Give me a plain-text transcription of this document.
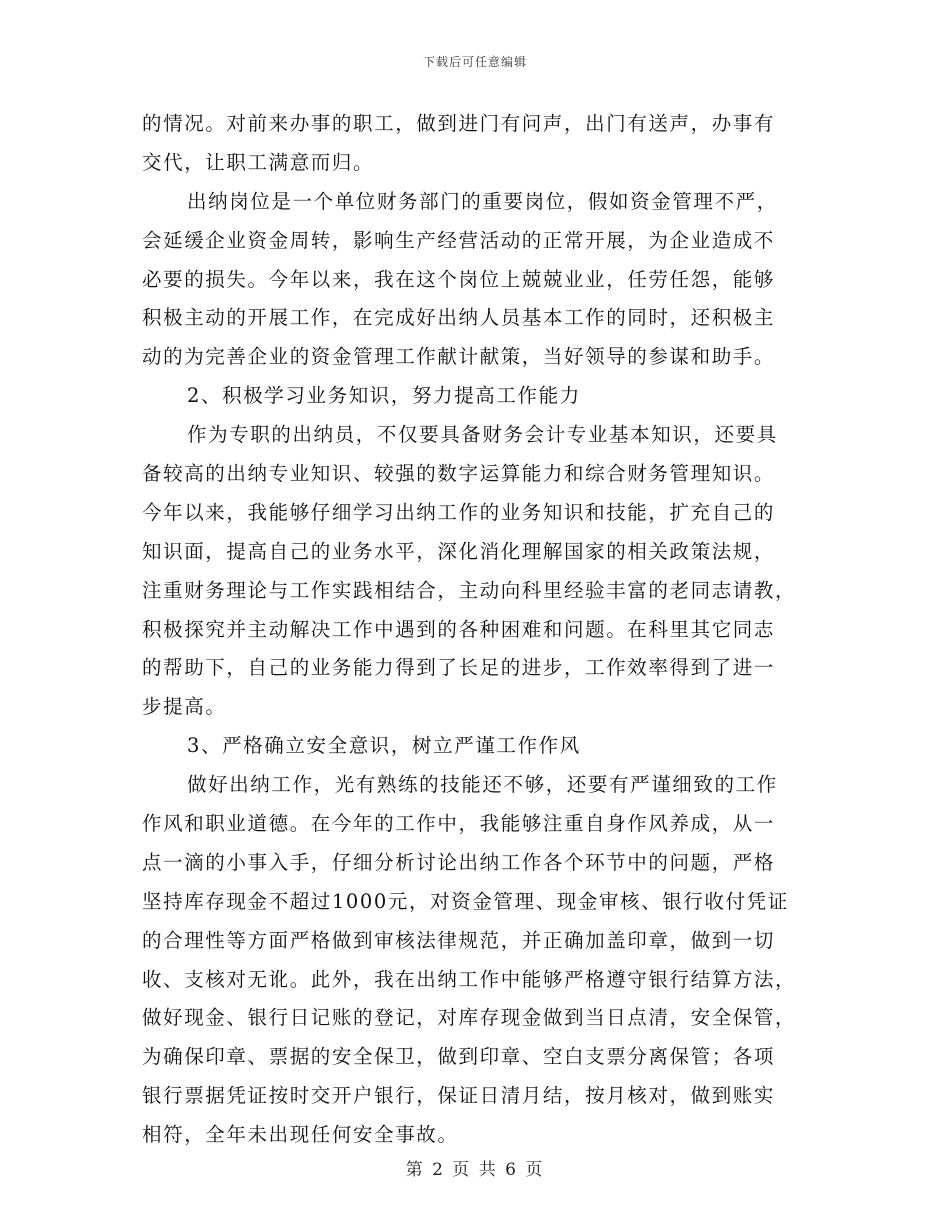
下载后可任意编辑
的情况。对前来办事的职工，做到进门有问声，出门有送声，办事有
交代，让职工满意而归。
出纳岗位是一个单位财务部门的重要岗位，假如资金管理不严，
会延缓企业资金周转，影响生产经营活动的正常开展，为企业造成不
必要的损失。今年以来，我在这个岗位上兢兢业业，任劳任怨，能够
积极主动的开展工作，在完成好出纳人员基本工作的同时，还积极主
动的为完善企业的资金管理工作献计献策，当好领导的参谋和助手。
2、积极学习业务知识，努力提高工作能力
作为专职的出纳员，不仅要具备财务会计专业基本知识，还要具
备较高的出纳专业知识、较强的数字运算能力和综合财务管理知识。
今年以来，我能够仔细学习出纳工作的业务知识和技能，扩充自己的
知识面，提高自己的业务水平，深化消化理解国家的相关政策法规，
注重财务理论与工作实践相结合，主动向科里经验丰富的老同志请教，
积极探究并主动解决工作中遇到的各种困难和问题。在科里其它同志
的帮助下，自己的业务能力得到了长足的进步，工作效率得到了进一
步提高。
3、严格确立安全意识，树立严谨工作作风
做好出纳工作，光有熟练的技能还不够，还要有严谨细致的工作
作风和职业道德。在今年的工作中，我能够注重自身作风养成，从一
点一滴的小事入手，仔细分析讨论出纳工作各个环节中的问题，严格
坚持库存现金不超过1000元，对资金管理、现金审核、银行收付凭证
的合理性等方面严格做到审核法律规范，并正确加盖印章，做到一切
收、支核对无讹。此外，我在出纳工作中能够严格遵守银行结算方法，
做好现金、银行日记账的登记，对库存现金做到当日点清，安全保管，
为确保印章、票据的安全保卫，做到印章、空白支票分离保管；各项
银行票据凭证按时交开户银行，保证日清月结，按月核对，做到账实
相符，全年未出现任何安全事故。
第 2 页 共 6 页
